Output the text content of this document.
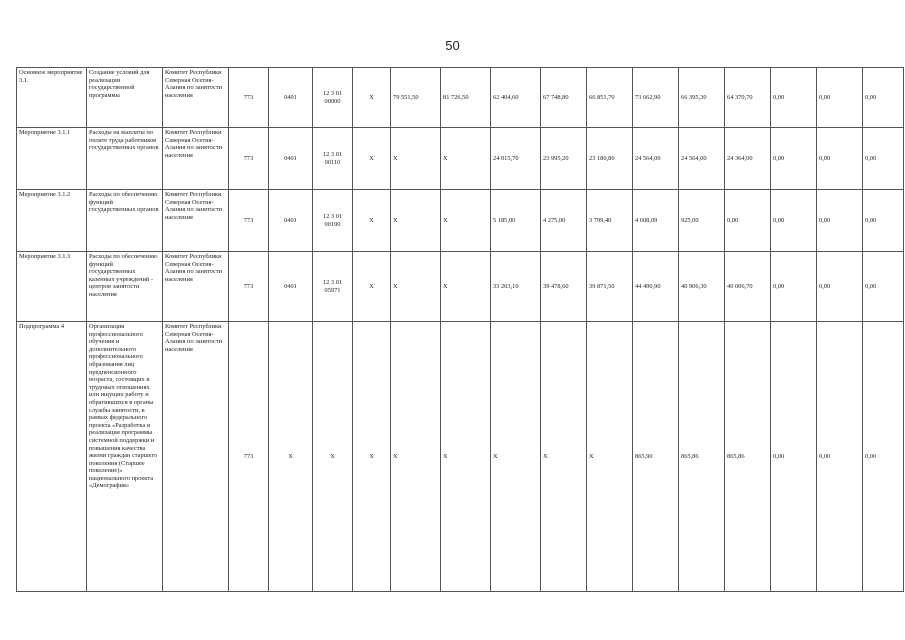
50
Основное мероприятие 3.1.	Создание условий для реализации государственной программы	Комитет Республики Северная Осетия-Алания по занятости населения	773	0401	12 3 01 00000	X	79 551,50	81 726,50	62 404,60	67 748,80	66 851,70	73 662,90	66 395,30	64 370,70	0,00	0,00	0,00
Мероприятие 3.1.1	Расходы на выплаты по оплате труда работников государственных органов	Комитет Республики Северная Осетия-Алания по занятости населения	773	0401	12 3 01 00110	X	X	X	24 015,70	23 995,20	23 180,80	24 564,00	24 564,00	24 364,00	0,00	0,00	0,00
Мероприятие 3.1.2	Расходы по обеспечению функций государственных органов	Комитет Республики Северная Осетия-Алания по занятости населения	773	0401	12 3 01 00190	X	X	X	5 185,00	4 275,00	3 799,40	4 608,09	925,00	0,00	0,00	0,00	0,00
Мероприятие 3.1.3	Расходы по обеспечению функций государственных казенных учреждений - центров занятости населения	Комитет Республики Северная Осетия-Алания по занятости населения	773	0401	12 3 01 05971	X	X	X	33 203,10	39 478,60	39 871,50	44 490,90	40 906,30	40 006,70	0,00	0,00	0,00
Подпрограмма 4	Организация профессионального обучения и дополнительного профессионального образования лиц предпенсионного возраста, состоящих в трудовых отношениях или ищущих работу и обратившихся в органы службы занятости, в рамках федерального проекта «Разработка и реализация программы системной поддержки и повышения качества жизни граждан старшего поколения (Старшее поколение)» национального проекта «Демография»	Комитет Республики Северная Осетия-Алания по занятости населения	773	X	X	X	X	X	X	X	X	865,90	865,86	865,86	0,00	0,00	0,00
